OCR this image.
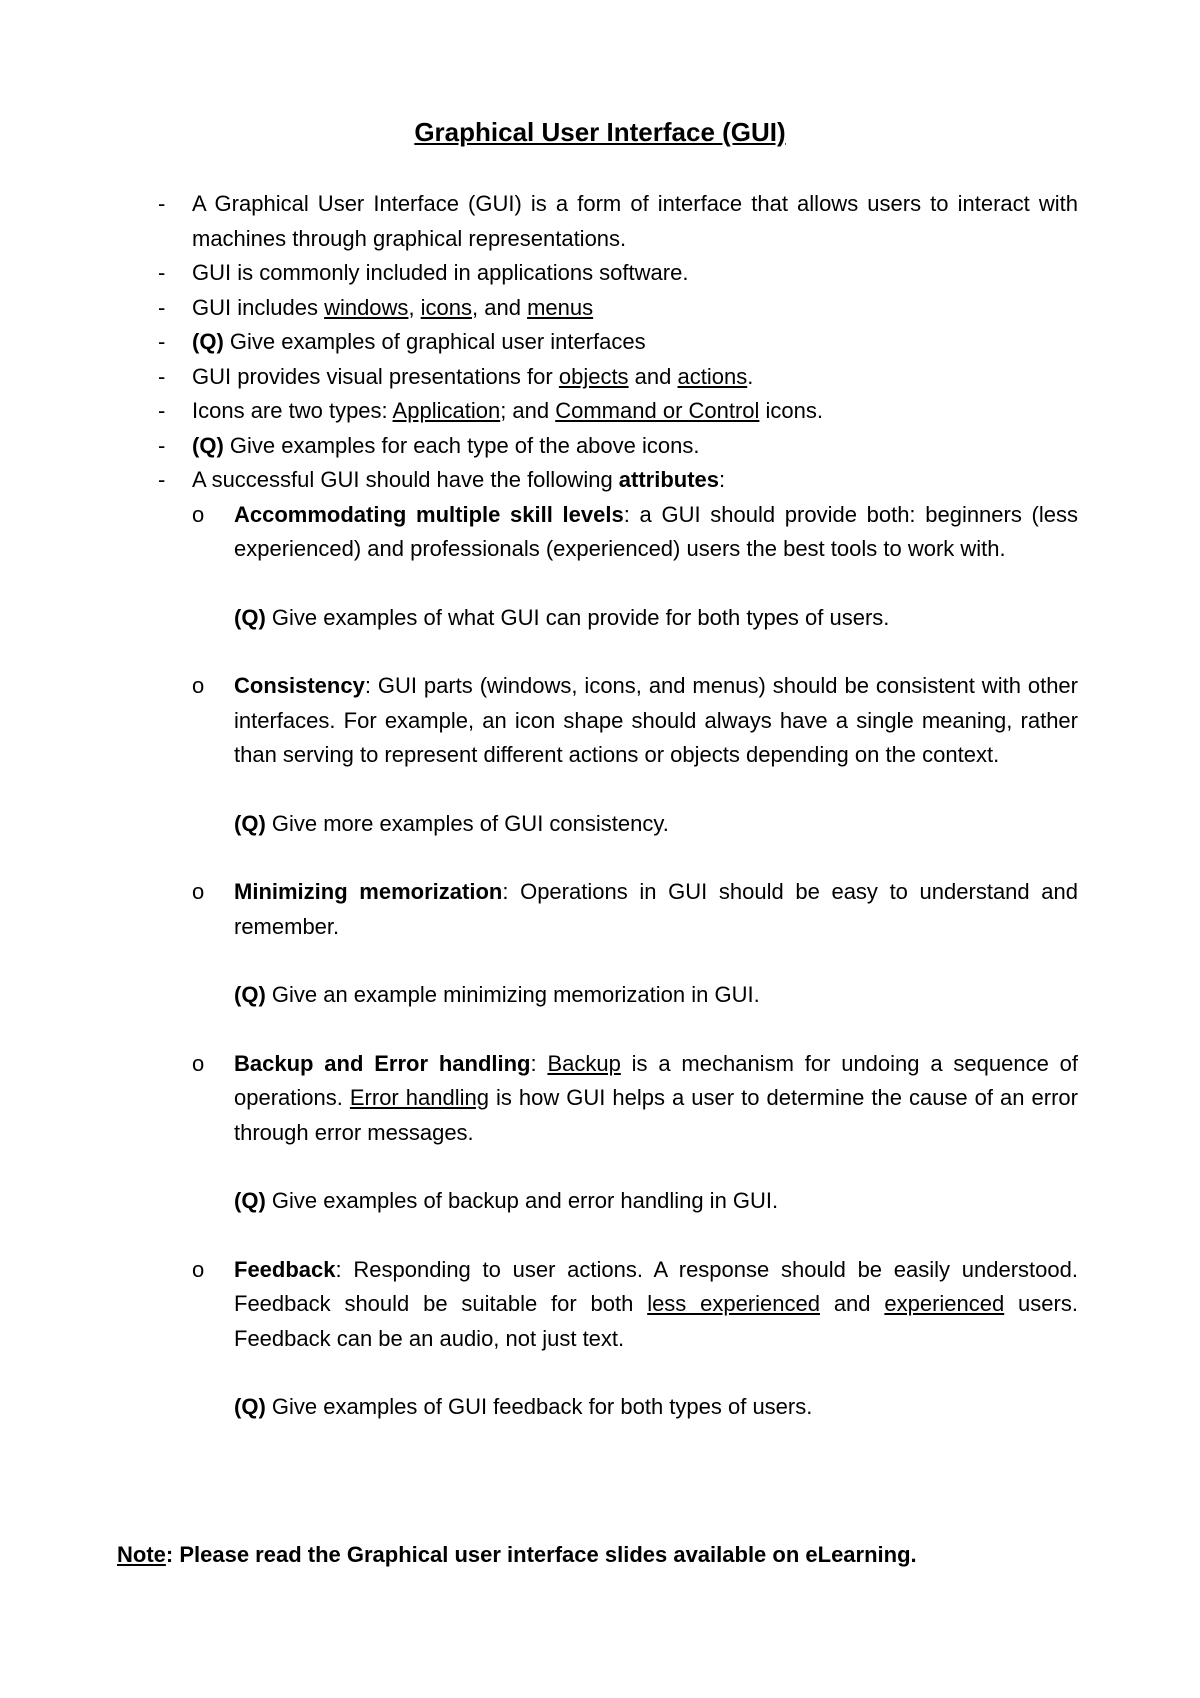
Graphical User Interface (GUI)
- A Graphical User Interface (GUI) is a form of interface that allows users to interact with machines through graphical representations.
- GUI is commonly included in applications software.
- GUI includes windows, icons, and menus
- (Q) Give examples of graphical user interfaces
- GUI provides visual presentations for objects and actions.
- Icons are two types: Application; and Command or Control icons.
- (Q) Give examples for each type of the above icons.
- A successful GUI should have the following attributes:
o Accommodating multiple skill levels: a GUI should provide both: beginners (less experienced) and professionals (experienced) users the best tools to work with.
(Q) Give examples of what GUI can provide for both types of users.
o Consistency: GUI parts (windows, icons, and menus) should be consistent with other interfaces. For example, an icon shape should always have a single meaning, rather than serving to represent different actions or objects depending on the context.
(Q) Give more examples of GUI consistency.
o Minimizing memorization: Operations in GUI should be easy to understand and remember.
(Q) Give an example minimizing memorization in GUI.
o Backup and Error handling: Backup is a mechanism for undoing a sequence of operations. Error handling is how GUI helps a user to determine the cause of an error through error messages.
(Q) Give examples of backup and error handling in GUI.
o Feedback: Responding to user actions. A response should be easily understood. Feedback should be suitable for both less experienced and experienced users. Feedback can be an audio, not just text.
(Q) Give examples of GUI feedback for both types of users.

Note: Please read the Graphical user interface slides available on eLearning.
